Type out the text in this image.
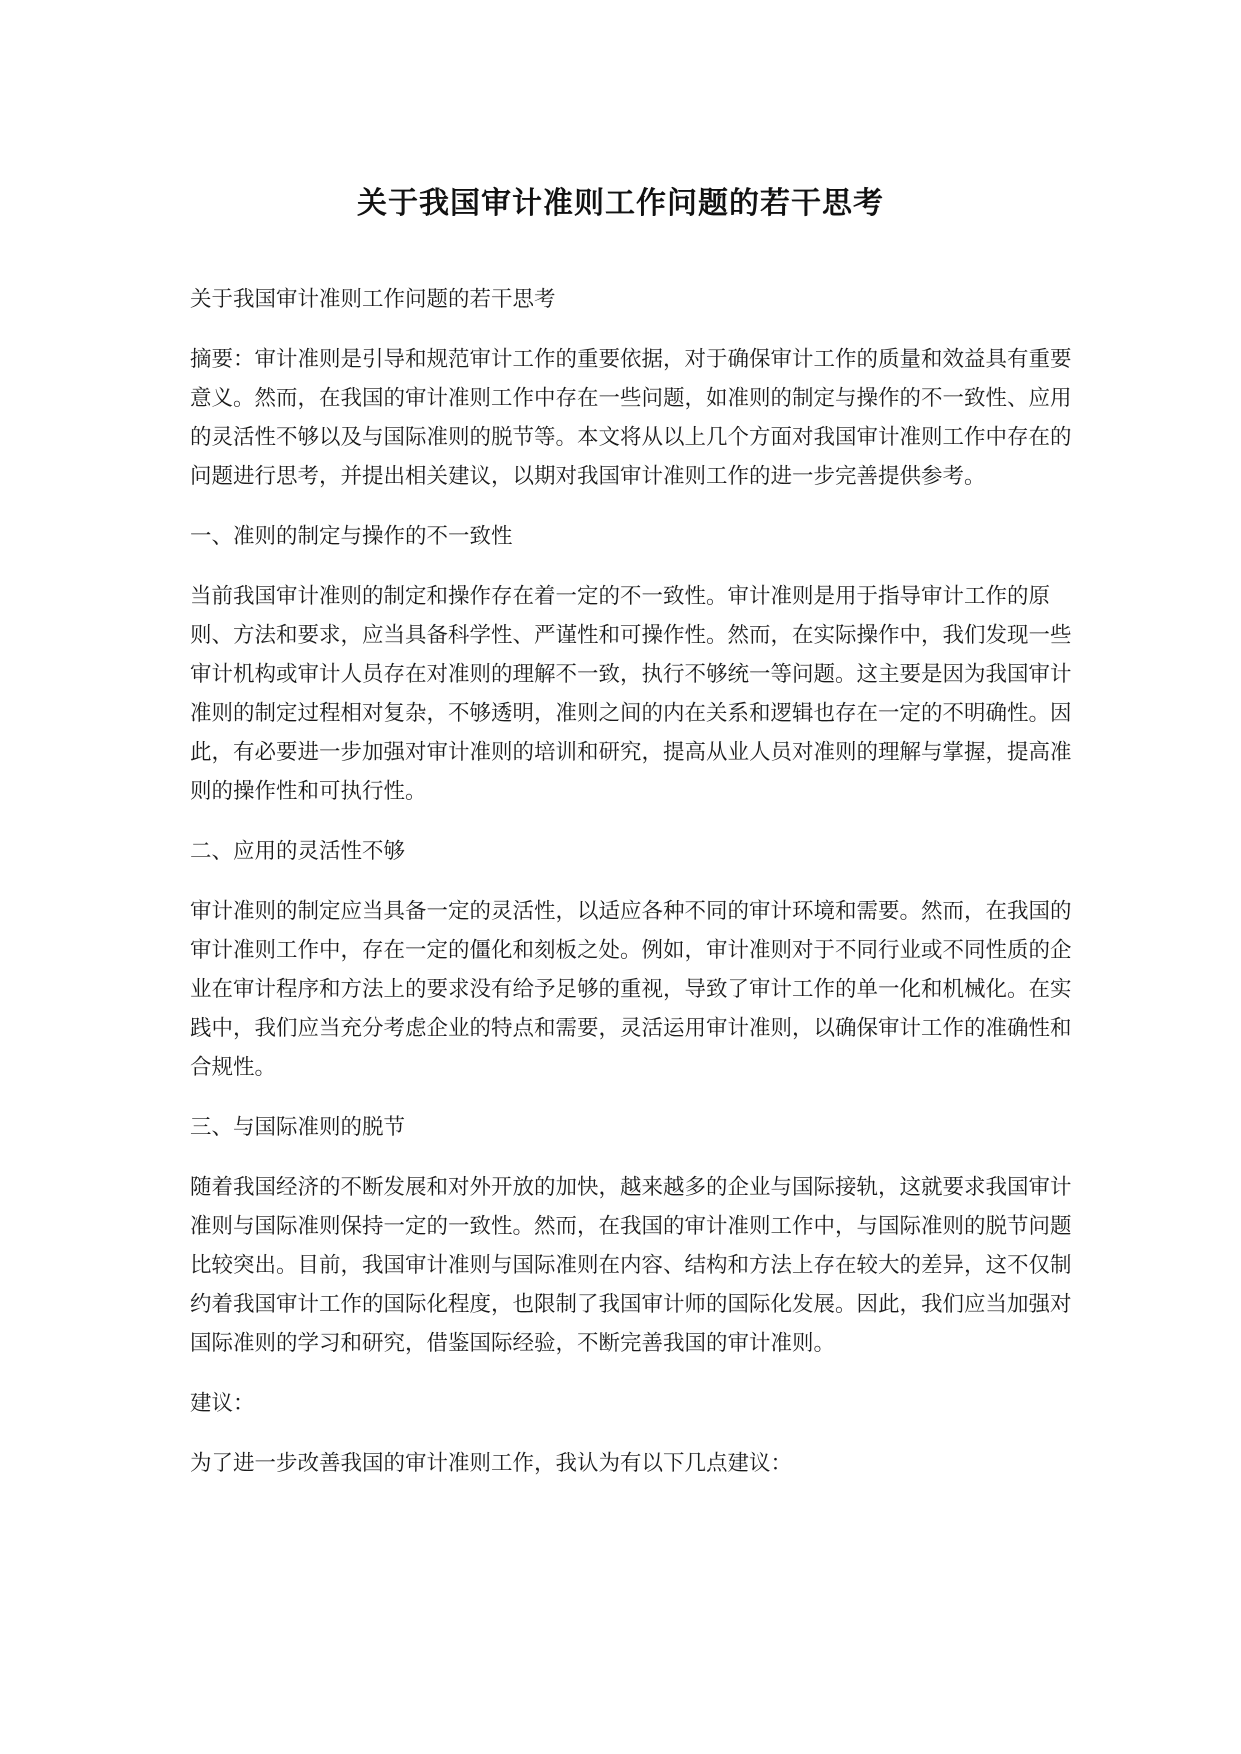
关于我国审计准则工作问题的若干思考

关于我国审计准则工作问题的若干思考

摘要：审计准则是引导和规范审计工作的重要依据，对于确保审计工作的质量和效益具有重要意义。然而，在我国的审计准则工作中存在一些问题，如准则的制定与操作的不一致性、应用的灵活性不够以及与国际准则的脱节等。本文将从以上几个方面对我国审计准则工作中存在的问题进行思考，并提出相关建议，以期对我国审计准则工作的进一步完善提供参考。

一、准则的制定与操作的不一致性

当前我国审计准则的制定和操作存在着一定的不一致性。审计准则是用于指导审计工作的原则、方法和要求，应当具备科学性、严谨性和可操作性。然而，在实际操作中，我们发现一些审计机构或审计人员存在对准则的理解不一致，执行不够统一等问题。这主要是因为我国审计准则的制定过程相对复杂，不够透明，准则之间的内在关系和逻辑也存在一定的不明确性。因此，有必要进一步加强对审计准则的培训和研究，提高从业人员对准则的理解与掌握，提高准则的操作性和可执行性。

二、应用的灵活性不够

审计准则的制定应当具备一定的灵活性，以适应各种不同的审计环境和需要。然而，在我国的审计准则工作中，存在一定的僵化和刻板之处。例如，审计准则对于不同行业或不同性质的企业在审计程序和方法上的要求没有给予足够的重视，导致了审计工作的单一化和机械化。在实践中，我们应当充分考虑企业的特点和需要，灵活运用审计准则，以确保审计工作的准确性和合规性。

三、与国际准则的脱节

随着我国经济的不断发展和对外开放的加快，越来越多的企业与国际接轨，这就要求我国审计准则与国际准则保持一定的一致性。然而，在我国的审计准则工作中，与国际准则的脱节问题比较突出。目前，我国审计准则与国际准则在内容、结构和方法上存在较大的差异，这不仅制约着我国审计工作的国际化程度，也限制了我国审计师的国际化发展。因此，我们应当加强对国际准则的学习和研究，借鉴国际经验，不断完善我国的审计准则。

建议：

为了进一步改善我国的审计准则工作，我认为有以下几点建议：
